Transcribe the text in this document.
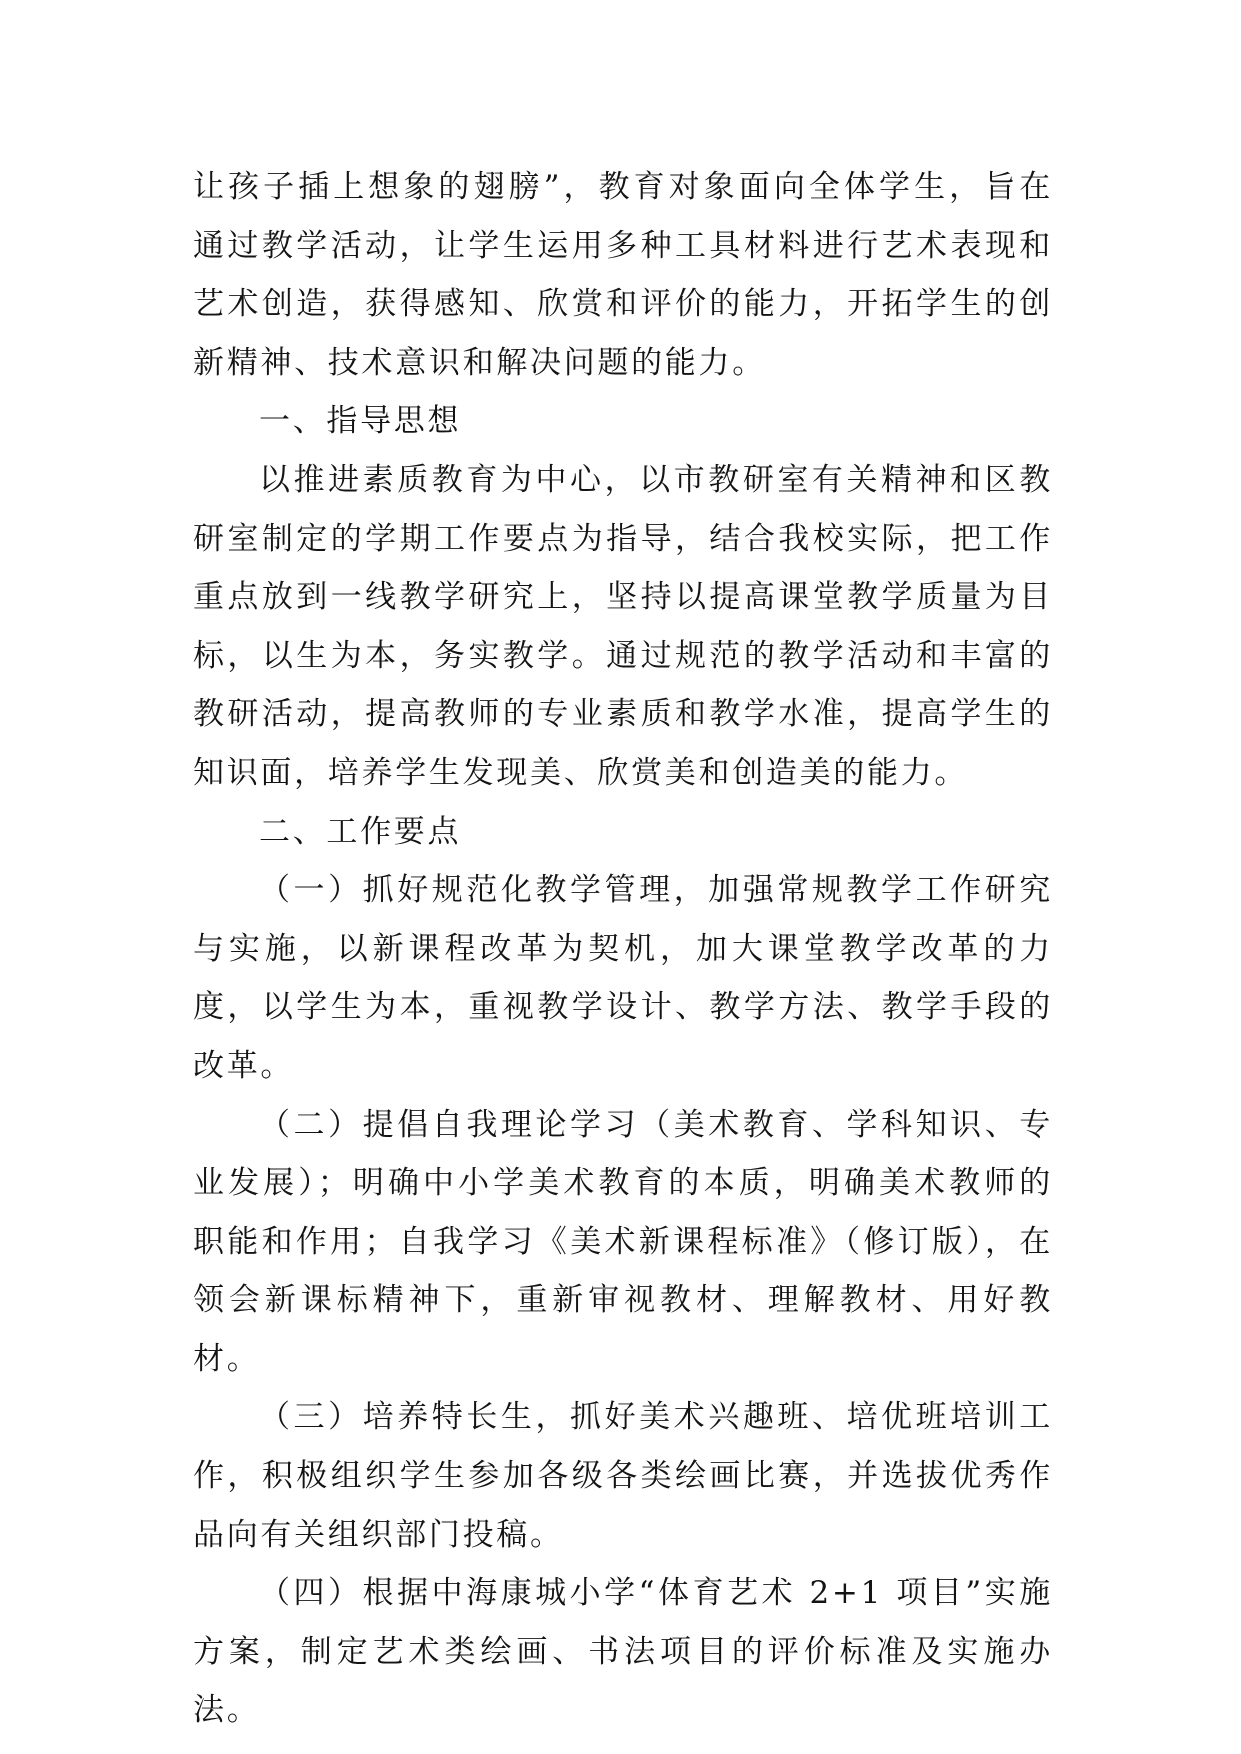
让孩子插上想象的翅膀”，教育对象面向全体学生，旨在通过教学活动，让学生运用多种工具材料进行艺术表现和艺术创造，获得感知、欣赏和评价的能力，开拓学生的创新精神、技术意识和解决问题的能力。

一、指导思想

以推进素质教育为中心，以市教研室有关精神和区教研室制定的学期工作要点为指导，结合我校实际，把工作重点放到一线教学研究上，坚持以提高课堂教学质量为目标，以生为本，务实教学。通过规范的教学活动和丰富的教研活动，提高教师的专业素质和教学水准，提高学生的知识面，培养学生发现美、欣赏美和创造美的能力。

二、工作要点

（一）抓好规范化教学管理，加强常规教学工作研究与实施，以新课程改革为契机，加大课堂教学改革的力度，以学生为本，重视教学设计、教学方法、教学手段的改革。

（二）提倡自我理论学习（美术教育、学科知识、专业发展）；明确中小学美术教育的本质，明确美术教师的职能和作用；自我学习《美术新课程标准》（修订版），在领会新课标精神下，重新审视教材、理解教材、用好教材。

（三）培养特长生，抓好美术兴趣班、培优班培训工作，积极组织学生参加各级各类绘画比赛，并选拔优秀作品向有关组织部门投稿。

（四）根据中海康城小学“体育艺术 2+1 项目”实施方案，制定艺术类绘画、书法项目的评价标准及实施办法。
